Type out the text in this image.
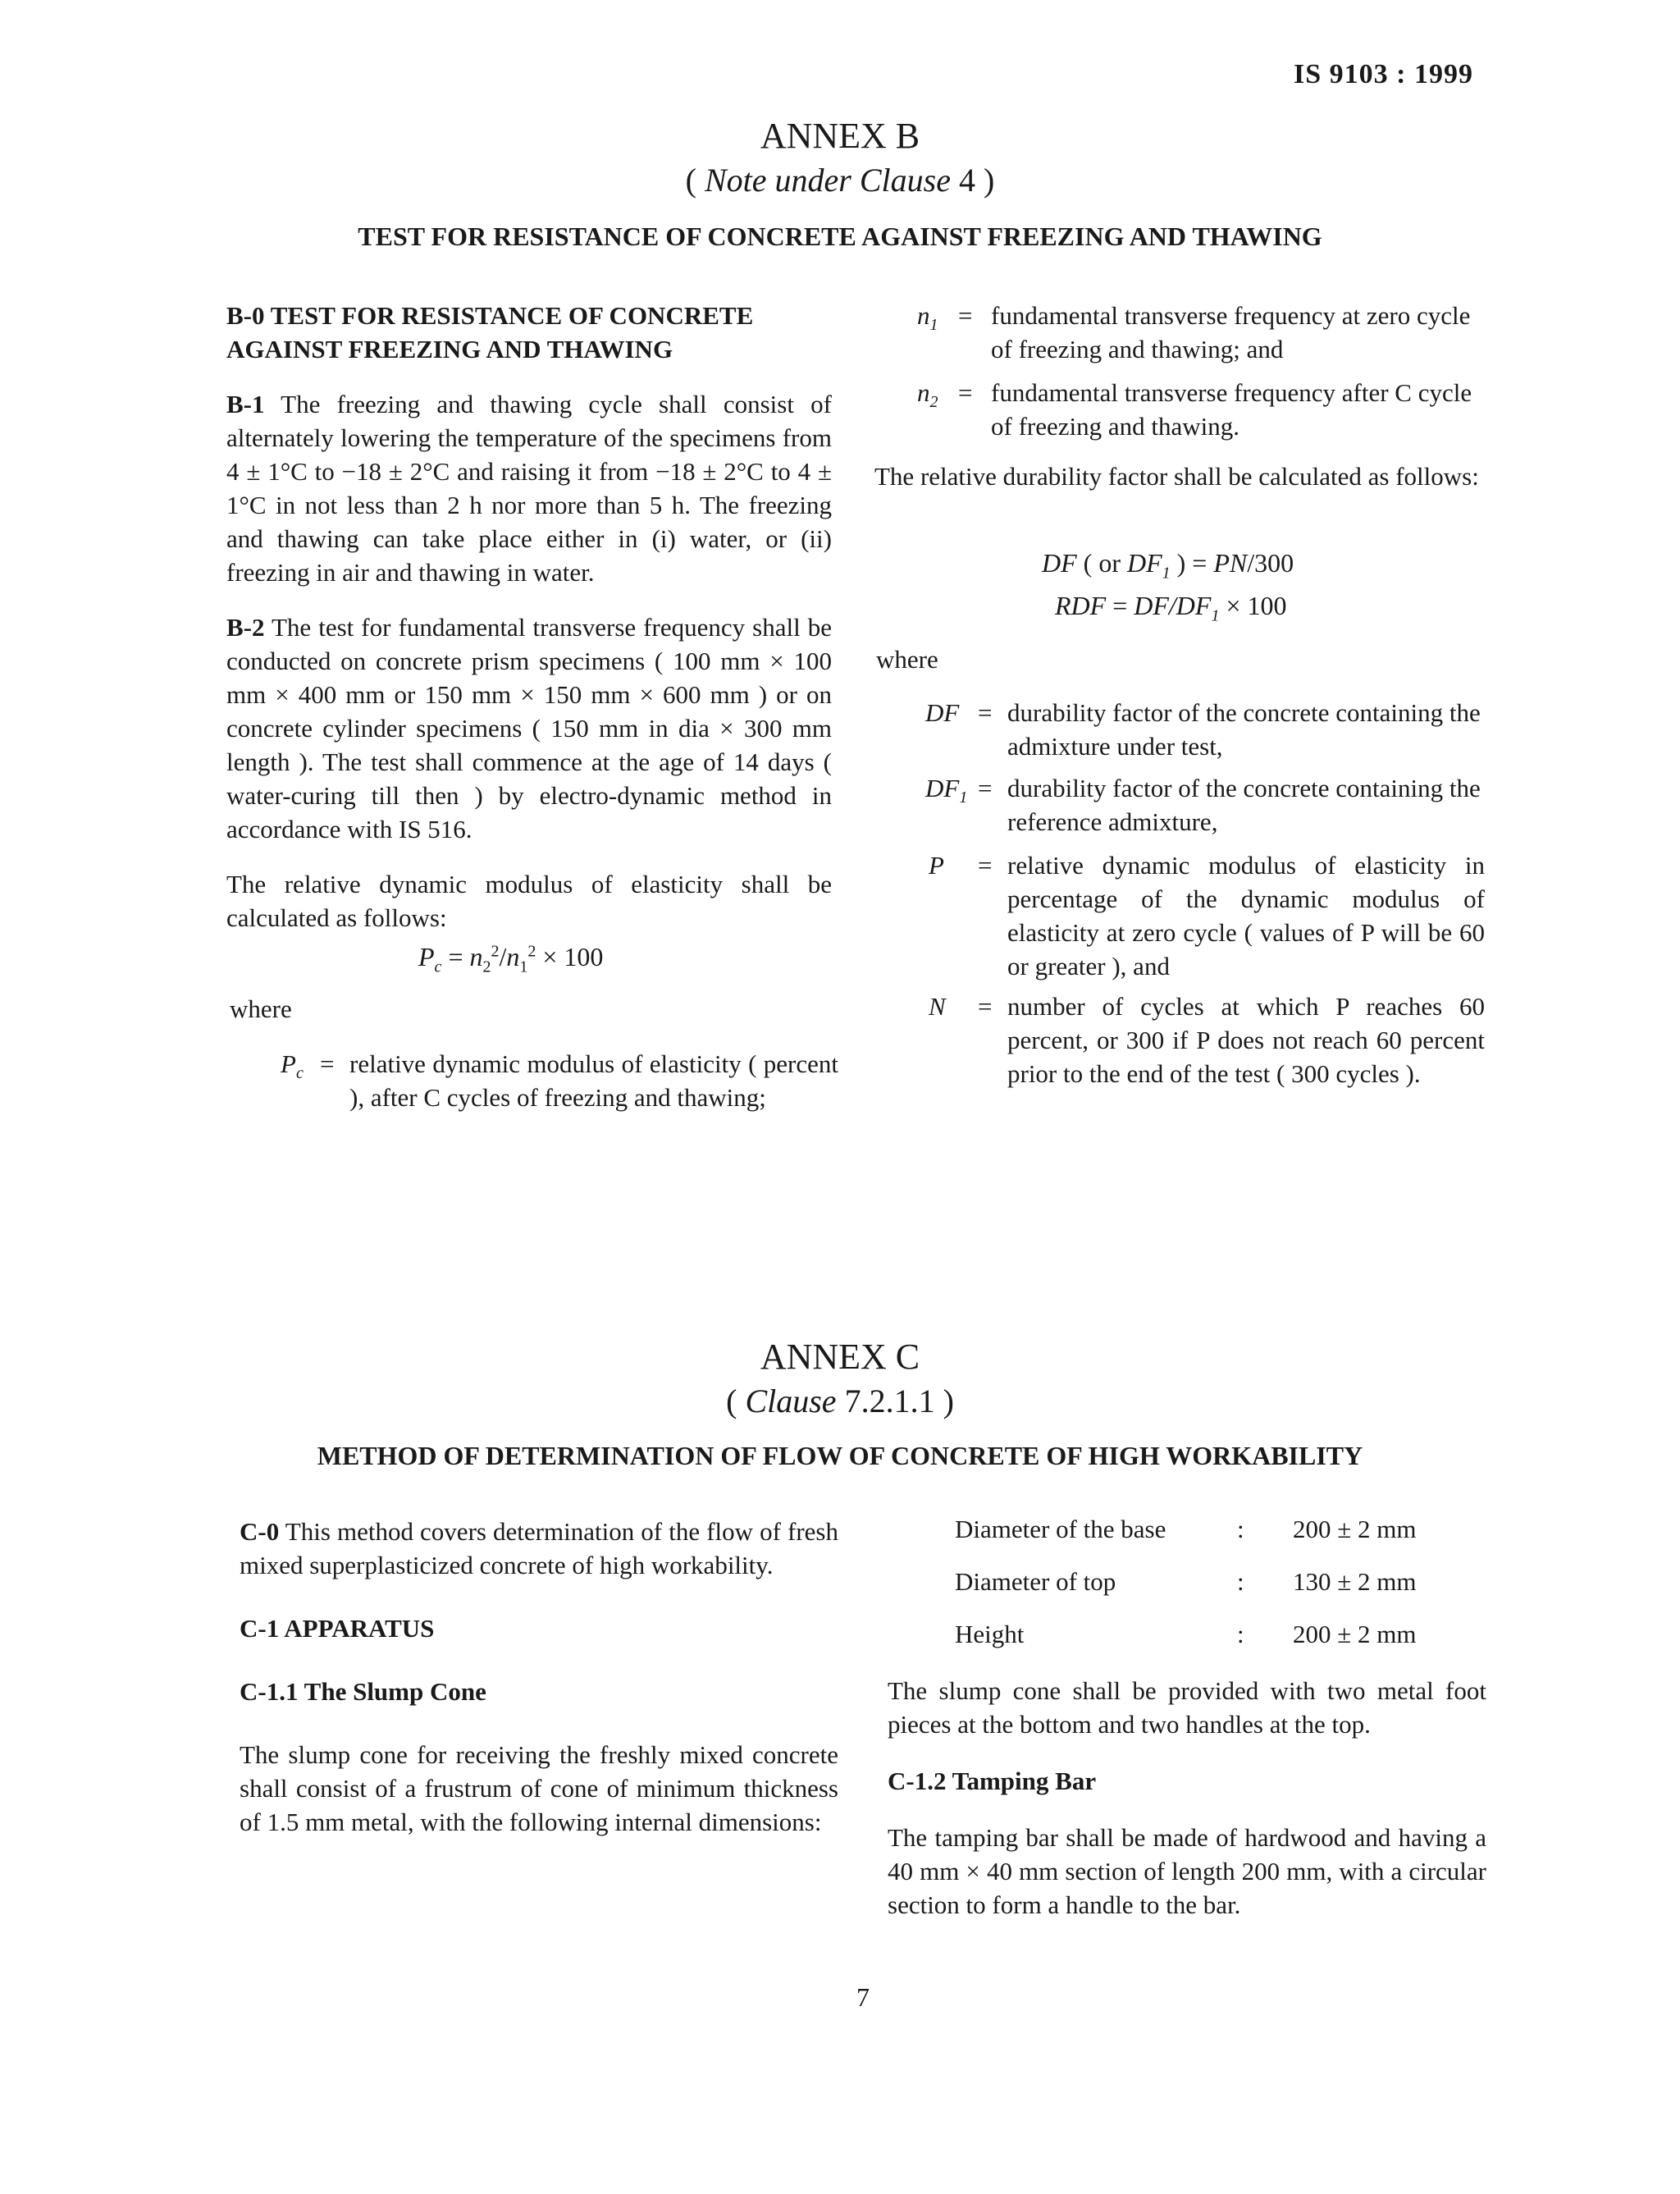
IS 9103 : 1999
ANNEX B
( Note under Clause 4 )
TEST FOR RESISTANCE OF CONCRETE AGAINST FREEZING AND THAWING

B-0 TEST FOR RESISTANCE OF CONCRETE

AGAINST FREEZING AND THAWING

B-1 The freezing and thawing cycle shall consist of alternately lowering the temperature of the specimens from 4 ± 1°C to −18 ± 2°C and raising it from −18 ± 2°C to 4 ± 1°C in not less than 2 h nor more than 5 h. The freezing and thawing can take place either in (i) water, or (ii) freezing in air and thawing in water.

B-2 The test for fundamental transverse frequency shall be conducted on concrete prism specimens ( 100 mm × 100 mm × 400 mm or 150 mm × 150 mm × 600 mm ) or on concrete cylinder specimens ( 150 mm in dia × 300 mm length ). The test shall commence at the age of 14 days ( water-curing till then ) by electro-dynamic method in accordance with IS 516.

The relative dynamic modulus of elasticity shall be calculated as follows:

$P_c = n_2^2/n_1^2 \times 100$
where
$P_c$ = relative dynamic modulus of elasticity ( percent ), after C cycles of freezing and thawing;
$n_1$ = fundamental transverse frequency at zero cycle of freezing and thawing; and
$n_2$ = fundamental transverse frequency after C cycle of freezing and thawing.

The relative durability factor shall be calculated as follows:

DF ( or $DF_1$ ) = PN/300
RDF = $DF/DF_1 \times 100$
where
DF = durability factor of the concrete containing the admixture under test,
$DF_1$ = durability factor of the concrete containing the reference admixture,
P = relative dynamic modulus of elasticity in percentage of the dynamic modulus of elasticity at zero cycle ( values of P will be 60 or greater ), and
N = number of cycles at which P reaches 60 percent, or 300 if P does not reach 60 percent prior to the end of the test ( 300 cycles ).
ANNEX C
( Clause 7.2.1.1 )
METHOD OF DETERMINATION OF FLOW OF CONCRETE OF HIGH WORKABILITY

C-0 This method covers determination of the flow of fresh mixed superplasticized concrete of high workability.

C-1 APPARATUS

C-1.1 The Slump Cone

The slump cone for receiving the freshly mixed concrete shall consist of a frustrum of cone of minimum thickness of 1.5 mm metal, with the following internal dimensions:

Diameter of the base	: 200 ± 2 mm
Diameter of top	: 130 ± 2 mm
Height	: 200 ± 2 mm

The slump cone shall be provided with two metal foot pieces at the bottom and two handles at the top.

C-1.2 Tamping Bar

The tamping bar shall be made of hardwood and having a 40 mm × 40 mm section of length 200 mm, with a circular section to form a handle to the bar.

7
